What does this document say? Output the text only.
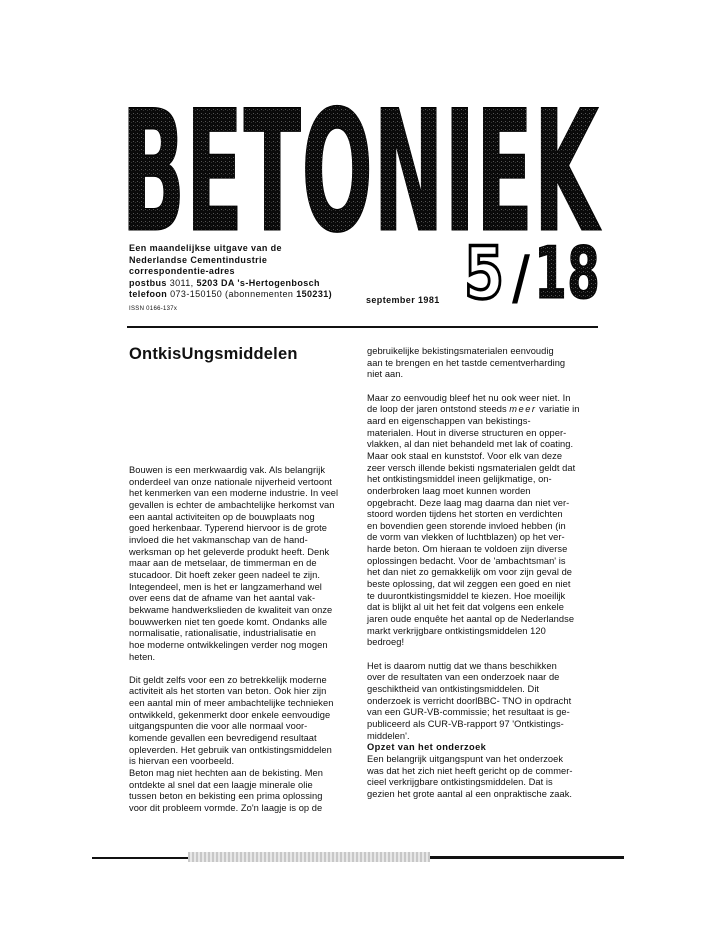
BETONIEK
Een maandelijkse uitgave van de
Nederlandse Cementindustrie
correspondentie-adres
postbus 3011, 5203 DA 's-Hertogenbosch
telefoon 073-150150 (abonnementen 150231)
ISSN 0166-137x
september 1981 5 / 18
OntkisUngsmiddelen

Bouwen is een merkwaardig vak. Als belangrijk

onderdeel van onze nationale nijverheid vertoont

het kenmerken van een moderne industrie. In veel

gevallen is echter de ambachtelijke herkomst van

een aantal activiteiten op de bouwplaats nog

goed herkenbaar. Typerend hiervoor is de grote

invloed die het vakmanschap van de hand-

werksman op het geleverde produkt heeft. Denk

maar aan de metselaar, de timmerman en de

stucadoor. Dit hoeft zeker geen nadeel te zijn.

Integendeel, men is het er langzamerhand wel

over eens dat de afname van het aantal vak-

bekwame handwerkslieden de kwaliteit van onze

bouwwerken niet ten goede komt. Ondanks alle

normalisatie, rationalisatie, industrialisatie en

hoe moderne ontwikkelingen verder nog mogen

heten.

Dit geldt zelfs voor een zo betrekkelijk moderne

activiteit als het storten van beton. Ook hier zijn

een aantal min of meer ambachtelijke technieken

ontwikkeld, gekenmerkt door enkele eenvoudige

uitgangspunten die voor alle normaal voor-

komende gevallen een bevredigend resultaat

opleverden. Het gebruik van ontkistingsmiddelen

is hiervan een voorbeeld.

Beton mag niet hechten aan de bekisting. Men

ontdekte al snel dat een laagje minerale olie

tussen beton en bekisting een prima oplossing

voor dit probleem vormde. Zo'n laagje is op de

gebruikelijke bekistingsmaterialen eenvoudig

aan te brengen en het tastde cementverharding

niet aan.

Maar zo eenvoudig bleef het nu ook weer niet. In

de loop der jaren ontstond steeds meer variatie in

aard en eigenschappen van bekistings-

materialen. Hout in diverse structuren en opper-

vlakken, al dan niet behandeld met lak of coating.

Maar ook staal en kunststof. Voor elk van deze

zeer versch illende bekisti ngsmaterialen geldt dat

het ontkistingsmiddel ineen gelijkmatige, on-

onderbroken laag moet kunnen worden

opgebracht. Deze laag mag daarna dan niet ver-

stoord worden tijdens het storten en verdichten

en bovendien geen storende invloed hebben (in

de vorm van vlekken of luchtblazen) op het ver-

harde beton. Om hieraan te voldoen zijn diverse

oplossingen bedacht. Voor de 'ambachtsman' is

het dan niet zo gemakkelijk om voor zijn geval de

beste oplossing, dat wil zeggen een goed en niet

te duurontkistingsmiddel te kiezen. Hoe moeilijk

dat is blijkt al uit het feit dat volgens een enkele

jaren oude enquête het aantal op de Nederlandse

markt verkrijgbare ontkistingsmiddelen 120

bedroeg!

Het is daarom nuttig dat we thans beschikken

over de resultaten van een onderzoek naar de

geschiktheid van ontkistingsmiddelen. Dit

onderzoek is verricht doorlBBC- TNO in opdracht

van een GUR-VB-commissie; het resultaat is ge-

publiceerd als CUR-VB-rapport 97 'Ontkistings-

middelen'.

Opzet van het onderzoek

Een belangrijk uitgangspunt van het onderzoek

was dat het zich niet heeft gericht op de commer-

cieel verkrijgbare ontkistingsmiddelen. Dat is

gezien het grote aantal al een onpraktische zaak.
